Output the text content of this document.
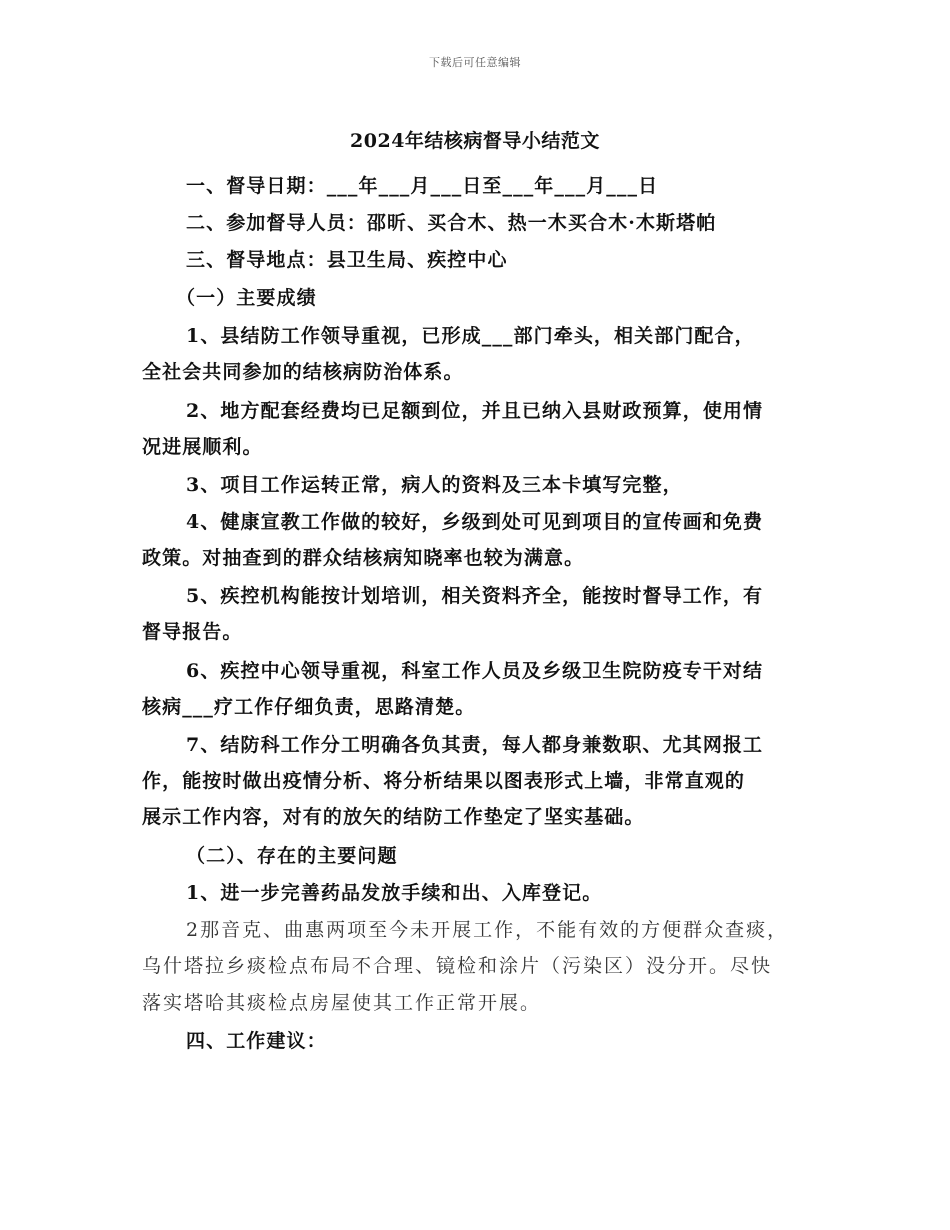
下载后可任意编辑
2024年结核病督导小结范文
一、督导日期：___年___月___日至___年___月___日
二、参加督导人员：邵昕、买合木、热一木买合木·木斯塔帕
三、督导地点：县卫生局、疾控中心
（一）主要成绩
1、县结防工作领导重视，已形成___部门牵头，相关部门配合，
全社会共同参加的结核病防治体系。
2、地方配套经费均已足额到位，并且已纳入县财政预算，使用情
况进展顺利。
3、项目工作运转正常，病人的资料及三本卡填写完整，
4、健康宣教工作做的较好，乡级到处可见到项目的宣传画和免费
政策。对抽查到的群众结核病知晓率也较为满意。
5、疾控机构能按计划培训，相关资料齐全，能按时督导工作，有
督导报告。
6、疾控中心领导重视，科室工作人员及乡级卫生院防疫专干对结
核病___疗工作仔细负责，思路清楚。
7、结防科工作分工明确各负其责，每人都身兼数职、尤其网报工
作，能按时做出疫情分析、将分析结果以图表形式上墙，非常直观的
展示工作内容，对有的放矢的结防工作垫定了坚实基础。
（二）、存在的主要问题
1、进一步完善药品发放手续和出、入库登记。
2那音克、曲惠两项至今未开展工作，不能有效的方便群众查痰，
乌什塔拉乡痰检点布局不合理、镜检和涂片（污染区）没分开。尽快
落实塔哈其痰检点房屋使其工作正常开展。
四、工作建议：
